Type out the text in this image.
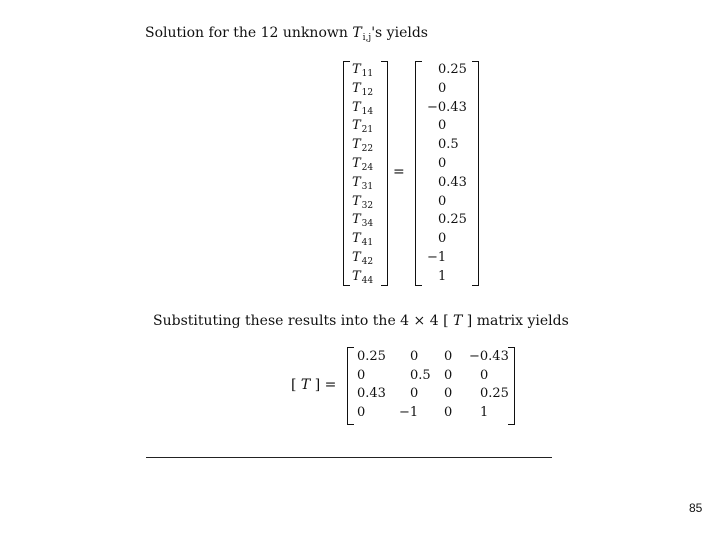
Solution for the 12 unknown $T_{i,j}'s$ yields
$T_{11}$
$T_{12}$
$T_{14}$
$T_{21}$
$T_{22}$
$T_{24}$
$T_{31}$
$T_{32}$
$T_{34}$
$T_{41}$
$T_{42}$
$T_{44}$
=
0.25
0
−0.43
0
0.5
0
0.43
0
0.25
0
−1
1
Substituting these results into the 4 × 4 [ T ] matrix yields
[ T ] =
0.25 0 0 −0.43
0	0.5 0 0
0.43 0 0 0.25
0	−1 0 1
85
